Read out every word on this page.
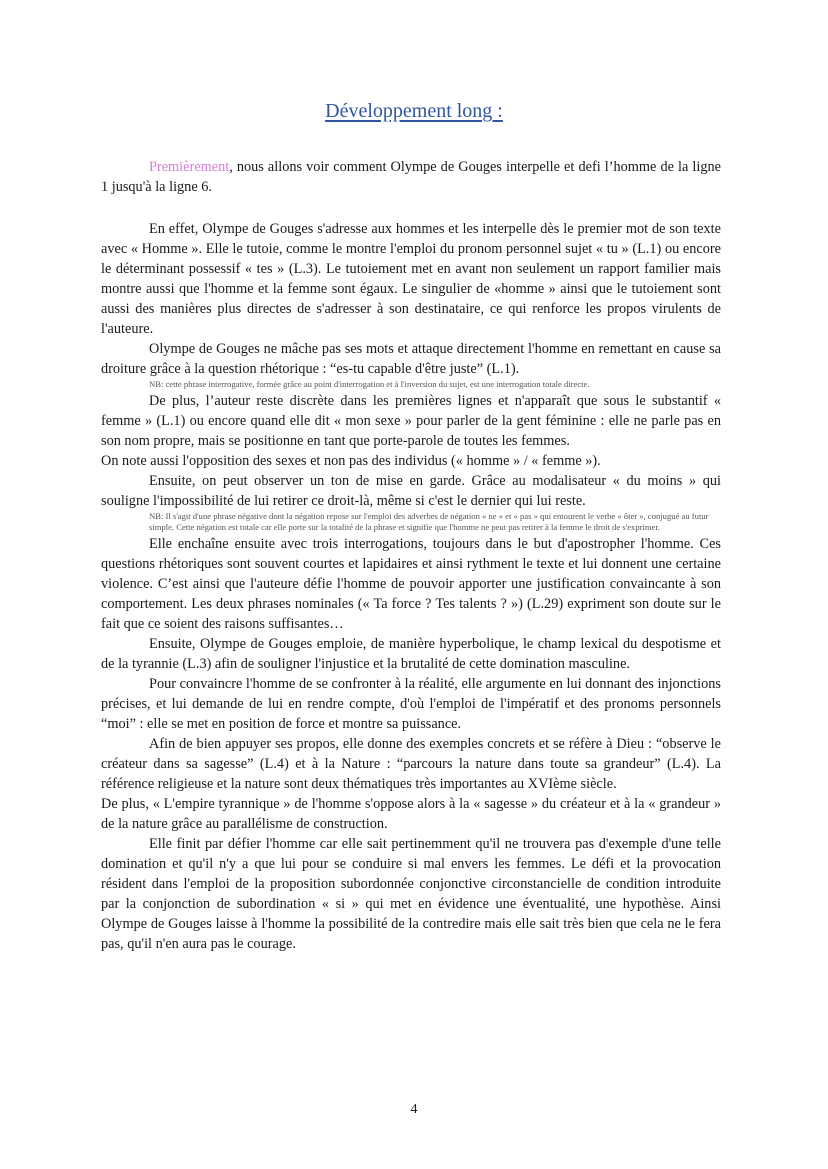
Développement long :

Premièrement, nous allons voir comment Olympe de Gouges interpelle et defi l’homme de la ligne 1 jusqu'à la ligne 6.

En effet, Olympe de Gouges s'adresse aux hommes et les interpelle dès le premier mot de son texte avec « Homme ». Elle le tutoie, comme le montre l'emploi du pronom personnel sujet « tu » (L.1) ou encore le déterminant possessif « tes » (L.3). Le tutoiement met en avant non seulement un rapport familier mais montre aussi que l'homme et la femme sont égaux. Le singulier de «homme » ainsi que le tutoiement sont aussi des manières plus directes de s'adresser à son destinataire, ce qui renforce les propos virulents de l'auteure.

Olympe de Gouges ne mâche pas ses mots et attaque directement l'homme en remettant en cause sa droiture grâce à la question rhétorique : “es-tu capable d'être juste” (L.1).

NB: cette phrase interrogative, formée grâce au point d'interrogation et à l'inversion du sujet, est une interrogation totale directe.

De plus, l’auteur reste discrète dans les premières lignes et n'apparaît que sous le substantif « femme » (L.1) ou encore quand elle dit « mon sexe » pour parler de la gent féminine : elle ne parle pas en son nom propre, mais se positionne en tant que porte-parole de toutes les femmes.

On note aussi l'opposition des sexes et non pas des individus (« homme » / « femme »).

Ensuite, on peut observer un ton de mise en garde. Grâce au modalisateur « du moins » qui souligne l'impossibilité de lui retirer ce droit-là, même si c'est le dernier qui lui reste.

NB: Il s'agit d'une phrase négative dont la négation repose sur l'emploi des adverbes de négation « ne » et « pas » qui entourent le verbe « ôter », conjugué au futur simple. Cette négation est totale car elle porte sur la totalité de la phrase et signifie que l'homme ne peut pas retirer à la femme le droit de s'exprimer.

Elle enchaîne ensuite avec trois interrogations, toujours dans le but d'apostropher l'homme. Ces questions rhétoriques sont souvent courtes et lapidaires et ainsi rythment le texte et lui donnent une certaine violence. C’est ainsi que l'auteure défie l'homme de pouvoir apporter une justification convaincante à son comportement. Les deux phrases nominales (« Ta force ? Tes talents ? ») (L.29) expriment son doute sur le fait que ce soient des raisons suffisantes…

Ensuite, Olympe de Gouges emploie, de manière hyperbolique, le champ lexical du despotisme et de la tyrannie (L.3) afin de souligner l'injustice et la brutalité de cette domination masculine.

Pour convaincre l'homme de se confronter à la réalité, elle argumente en lui donnant des injonctions précises, et lui demande de lui en rendre compte, d'où l'emploi de l'impératif et des pronoms personnels “moi” : elle se met en position de force et montre sa puissance.

Afin de bien appuyer ses propos, elle donne des exemples concrets et se réfère à Dieu : “observe le créateur dans sa sagesse” (L.4) et à la Nature : “parcours la nature dans toute sa grandeur” (L.4). La référence religieuse et la nature sont deux thématiques très importantes au XVIème siècle.

De plus, « L'empire tyrannique » de l'homme s'oppose alors à la « sagesse » du créateur et à la « grandeur » de la nature grâce au parallélisme de construction.

Elle finit par défier l'homme car elle sait pertinemment qu'il ne trouvera pas d'exemple d'une telle domination et qu'il n'y a que lui pour se conduire si mal envers les femmes. Le défi et la provocation résident dans l'emploi de la proposition subordonnée conjonctive circonstancielle de condition introduite par la conjonction de subordination « si » qui met en évidence une éventualité, une hypothèse. Ainsi Olympe de Gouges laisse à l'homme la possibilité de la contredire mais elle sait très bien que cela ne le fera pas, qu'il n'en aura pas le courage.

4
